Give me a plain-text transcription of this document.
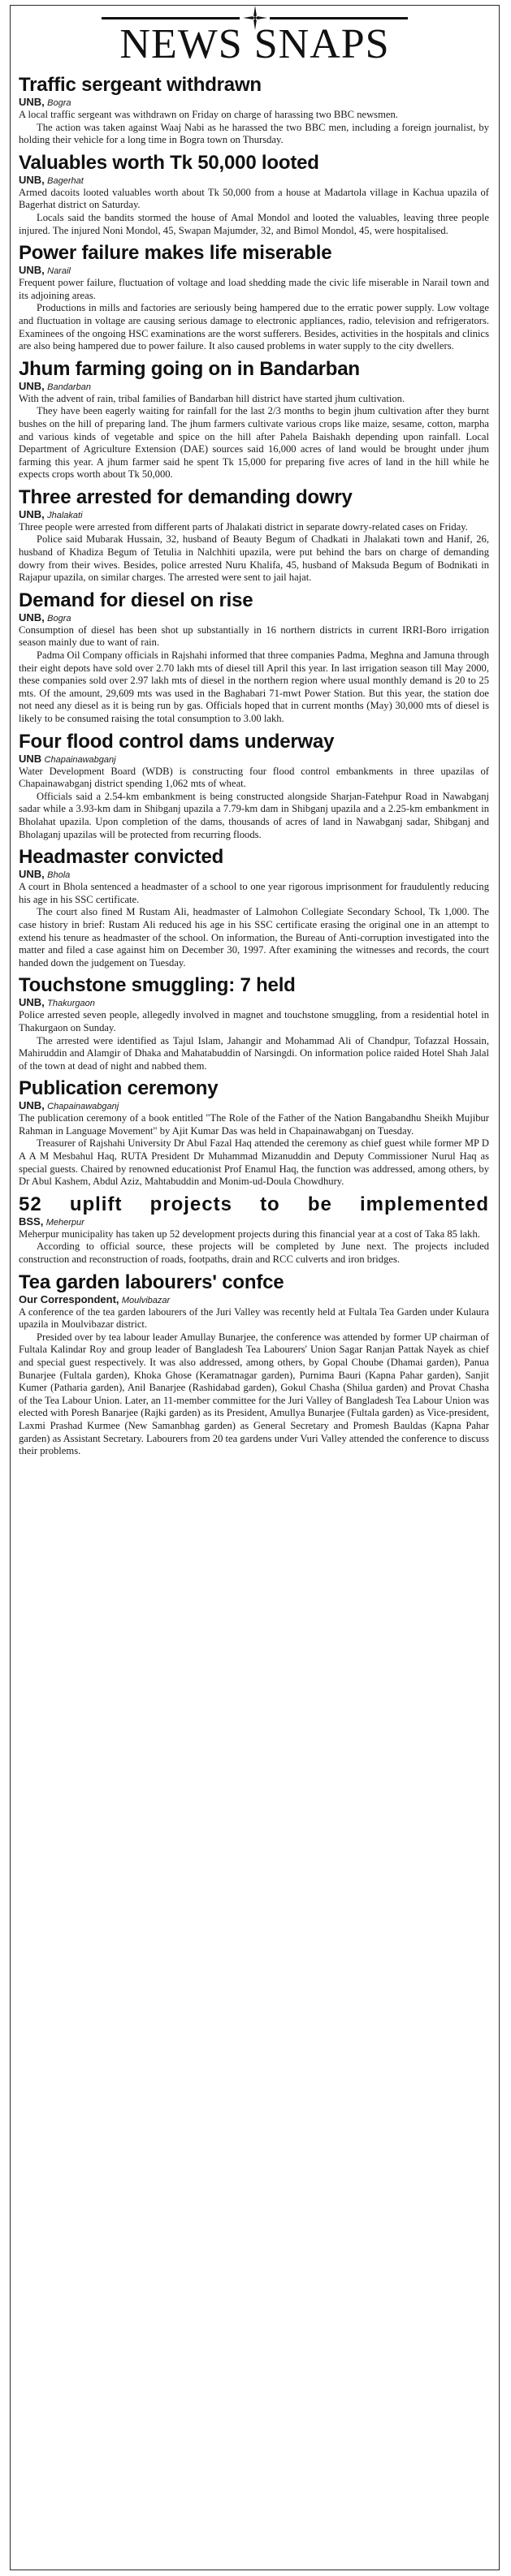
NEWS SNAPS
Traffic sergeant withdrawn
UNB, Bogra

A local traffic sergeant was withdrawn on Friday on charge of harassing two BBC newsmen.

The action was taken against Waaj Nabi as he harassed the two BBC men, including a foreign journalist, by holding their vehicle for a long time in Bogra town on Thursday.

Valuables worth Tk 50,000 looted
UNB, Bagerhat

Armed dacoits looted valuables worth about Tk 50,000 from a house at Madartola village in Kachua upazila of Bagerhat district on Saturday.

Locals said the bandits stormed the house of Amal Mondol and looted the valuables, leaving three people injured. The injured Noni Mondol, 45, Swapan Majumder, 32, and Bimol Mondol, 45, were hospitalised.

Power failure makes life miserable
UNB, Narail

Frequent power failure, fluctuation of voltage and load shedding made the civic life miserable in Narail town and its adjoining areas.

Productions in mills and factories are seriously being hampered due to the erratic power supply. Low voltage and fluctuation in voltage are causing serious damage to electronic appliances, radio, television and refrigerators. Examinees of the ongoing HSC examinations are the worst sufferers. Besides, activities in the hospitals and clinics are also being hampered due to power failure. It also caused problems in water supply to the city dwellers.

Jhum farming going on in Bandarban
UNB, Bandarban

With the advent of rain, tribal families of Bandarban hill district have started jhum cultivation.

They have been eagerly waiting for rainfall for the last 2/3 months to begin jhum cultivation after they burnt bushes on the hill of preparing land. The jhum farmers cultivate various crops like maize, sesame, cotton, marpha and various kinds of vegetable and spice on the hill after Pahela Baishakh depending upon rainfall. Local Department of Agriculture Extension (DAE) sources said 16,000 acres of land would be brought under jhum farming this year. A jhum farmer said he spent Tk 15,000 for preparing five acres of land in the hill while he expects crops worth about Tk 50,000.

Three arrested for demanding dowry
UNB, Jhalakati

Three people were arrested from different parts of Jhalakati district in separate dowry-related cases on Friday.

Police said Mubarak Hussain, 32, husband of Beauty Begum of Chadkati in Jhalakati town and Hanif, 26, husband of Khadiza Begum of Tetulia in Nalchhiti upazila, were put behind the bars on charge of demanding dowry from their wives. Besides, police arrested Nuru Khalifa, 45, husband of Maksuda Begum of Bodnikati in Rajapur upazila, on similar charges. The arrested were sent to jail hajat.

Demand for diesel on rise
UNB, Bogra

Consumption of diesel has been shot up substantially in 16 northern districts in current IRRI-Boro irrigation season mainly due to want of rain.

Padma Oil Company officials in Rajshahi informed that three companies Padma, Meghna and Jamuna through their eight depots have sold over 2.70 lakh mts of diesel till April this year. In last irrigation season till May 2000, these companies sold over 2.97 lakh mts of diesel in the northern region where usual monthly demand is 20 to 25 mts. Of the amount, 29,609 mts was used in the Baghabari 71-mwt Power Station. But this year, the station doe not need any diesel as it is being run by gas. Officials hoped that in current months (May) 30,000 mts of diesel is likely to be consumed raising the total consumption to 3.00 lakh.

Four flood control dams underway
UNB Chapainawabganj

Water Development Board (WDB) is constructing four flood control embankments in three upazilas of Chapainawabganj district spending 1,062 mts of wheat.

Officials said a 2.54-km embankment is being constructed alongside Sharjan-Fatehpur Road in Nawabganj sadar while a 3.93-km dam in Shibganj upazila a 7.79-km dam in Shibganj upazila and a 2.25-km embankment in Bholahat upazila. Upon completion of the dams, thousands of acres of land in Nawabganj sadar, Shibganj and Bholaganj upazilas will be protected from recurring floods.

Headmaster convicted
UNB, Bhola

A court in Bhola sentenced a headmaster of a school to one year rigorous imprisonment for fraudulently reducing his age in his SSC certificate.

The court also fined M Rustam Ali, headmaster of Lalmohon Collegiate Secondary School, Tk 1,000. The case history in brief: Rustam Ali reduced his age in his SSC certificate erasing the original one in an attempt to extend his tenure as headmaster of the school. On information, the Bureau of Anti-corruption investigated into the matter and filed a case against him on December 30, 1997. After examining the witnesses and records, the court handed down the judgement on Tuesday.

Touchstone smuggling: 7 held
UNB, Thakurgaon

Police arrested seven people, allegedly involved in magnet and touchstone smuggling, from a residential hotel in Thakurgaon on Sunday.

The arrested were identified as Tajul Islam, Jahangir and Mohammad Ali of Chandpur, Tofazzal Hossain, Mahiruddin and Alamgir of Dhaka and Mahatabuddin of Narsingdi. On information police raided Hotel Shah Jalal of the town at dead of night and nabbed them.

Publication ceremony
UNB, Chapainawabganj

The publication ceremony of a book entitled "The Role of the Father of the Nation Bangabandhu Sheikh Mujibur Rahman in Language Movement" by Ajit Kumar Das was held in Chapainawabganj on Tuesday.

Treasurer of Rajshahi University Dr Abul Fazal Haq attended the ceremony as chief guest while former MP D A A M Mesbahul Haq, RUTA President Dr Muhammad Mizanuddin and Deputy Commissioner Nurul Haq as special guests. Chaired by renowned educationist Prof Enamul Haq, the function was addressed, among others, by Dr Abul Kashem, Abdul Aziz, Mahtabuddin and Monim-ud-Doula Chowdhury.

52 uplift projects to be implemented
BSS, Meherpur

Meherpur municipality has taken up 52 development projects during this financial year at a cost of Taka 85 lakh.

According to official source, these projects will be completed by June next. The projects included construction and reconstruction of roads, footpaths, drain and RCC culverts and iron bridges.

Tea garden labourers' confce
Our Correspondent, Moulvibazar

A conference of the tea garden labourers of the Juri Valley was recently held at Fultala Tea Garden under Kulaura upazila in Moulvibazar district.

Presided over by tea labour leader Amullay Bunarjee, the conference was attended by former UP chairman of Fultala Kalindar Roy and group leader of Bangladesh Tea Labourers' Union Sagar Ranjan Pattak Nayek as chief and special guest respectively. It was also addressed, among others, by Gopal Choube (Dhamai garden), Panua Bunarjee (Fultala garden), Khoka Ghose (Keramatnagar garden), Purnima Bauri (Kapna Pahar garden), Sanjit Kumer (Patharia garden), Anil Banarjee (Rashidabad garden), Gokul Chasha (Shilua garden) and Provat Chasha of the Tea Labour Union. Later, an 11-member committee for the Juri Valley of Bangladesh Tea Labour Union was elected with Poresh Banarjee (Rajki garden) as its President, Amullya Bunarjee (Fultala garden) as Vice-president, Laxmi Prashad Kurmee (New Samanbhag garden) as General Secretary and Promesh Bauldas (Kapna Pahar garden) as Assistant Secretary. Labourers from 20 tea gardens under Vuri Valley attended the conference to discuss their problems.
